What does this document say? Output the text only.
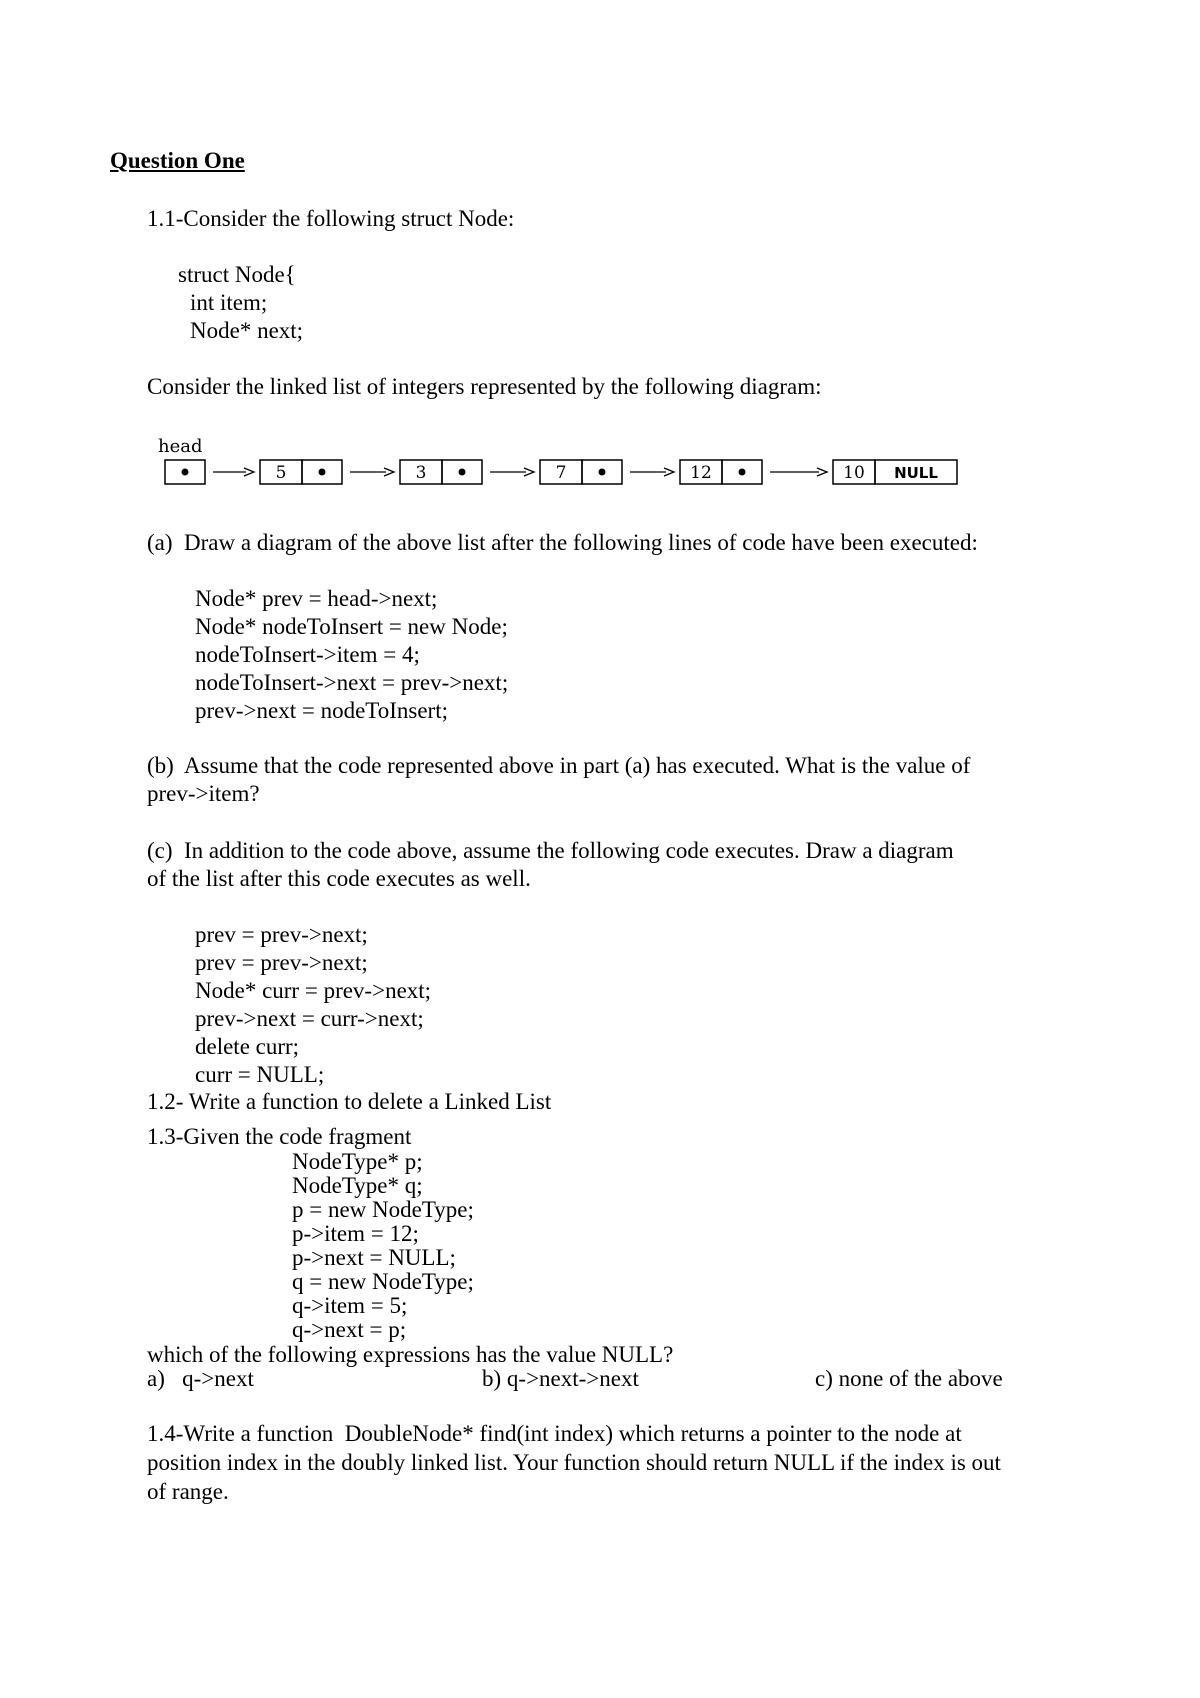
Question One
1.1-Consider the following struct Node:
struct Node{
int item;
Node* next;
Consider the linked list of integers represented by the following diagram:
head
5	3	7	12	10 NULL
(a)  Draw a diagram of the above list after the following lines of code have been executed:
Node* prev = head->next;
Node* nodeToInsert = new Node;
nodeToInsert->item = 4;
nodeToInsert->next = prev->next;
prev->next = nodeToInsert;
(b)  Assume that the code represented above in part (a) has executed. What is the value of
prev->item?
(c)  In addition to the code above, assume the following code executes. Draw a diagram
of the list after this code executes as well.
prev = prev->next;
prev = prev->next;
Node* curr = prev->next;
prev->next = curr->next;
delete curr;
curr = NULL;
1.2- Write a function to delete a Linked List
1.3-Given the code fragment
NodeType* p;
NodeType* q;
p = new NodeType;
p->item = 12;
p->next = NULL;
q = new NodeType;
q->item = 5;
q->next = p;
which of the following expressions has the value NULL?
a)   q->next	b) q->next->next	c) none of the above
1.4-Write a function  DoubleNode* find(int index) which returns a pointer to the node at
position index in the doubly linked list. Your function should return NULL if the index is out
of range.
